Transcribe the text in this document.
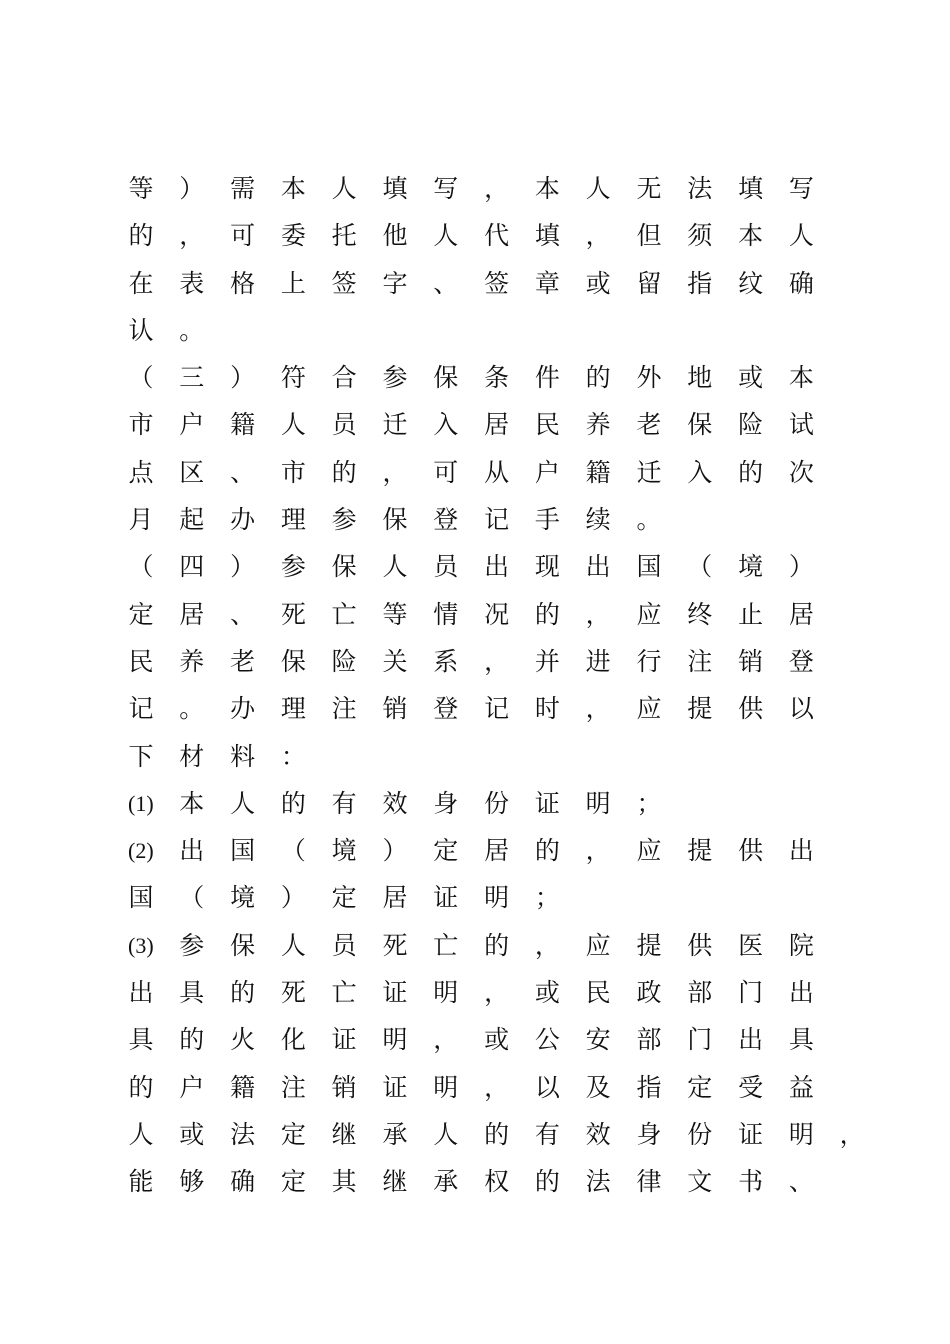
等 ） 需 本 人 填 写 ， 本 人 无 法 填 写
的 ， 可 委 托 他 人 代 填 ， 但 须 本 人
在 表 格 上 签 字 、 签 章 或 留 指 纹 确
认 。
（ 三 ） 符 合 参 保 条 件 的 外 地 或 本
市 户 籍 人 员 迁 入 居 民 养 老 保 险 试
点 区 、 市 的 ， 可 从 户 籍 迁 入 的 次
月 起 办 理 参 保 登 记 手 续 。
（ 四 ） 参 保 人 员 出 现 出 国 （ 境 ）
定 居 、 死 亡 等 情 况 的 ， 应 终 止 居
民 养 老 保 险 关 系 ， 并 进 行 注 销 登
记 。 办 理 注 销 登 记 时 ， 应 提 供 以
下 材 料 ：
(1) 本 人 的 有 效 身 份 证 明 ；
(2) 出 国 （ 境 ） 定 居 的 ， 应 提 供 出
国 （ 境 ） 定 居 证 明 ；
(3) 参 保 人 员 死 亡 的 ， 应 提 供 医 院
出 具 的 死 亡 证 明 ， 或 民 政 部 门 出
具 的 火 化 证 明 ， 或 公 安 部 门 出 具
的 户 籍 注 销 证 明 ， 以 及 指 定 受 益
人 或 法 定 继 承 人 的 有 效 身 份 证 明 ，
能 够 确 定 其 继 承 权 的 法 律 文 书 、
